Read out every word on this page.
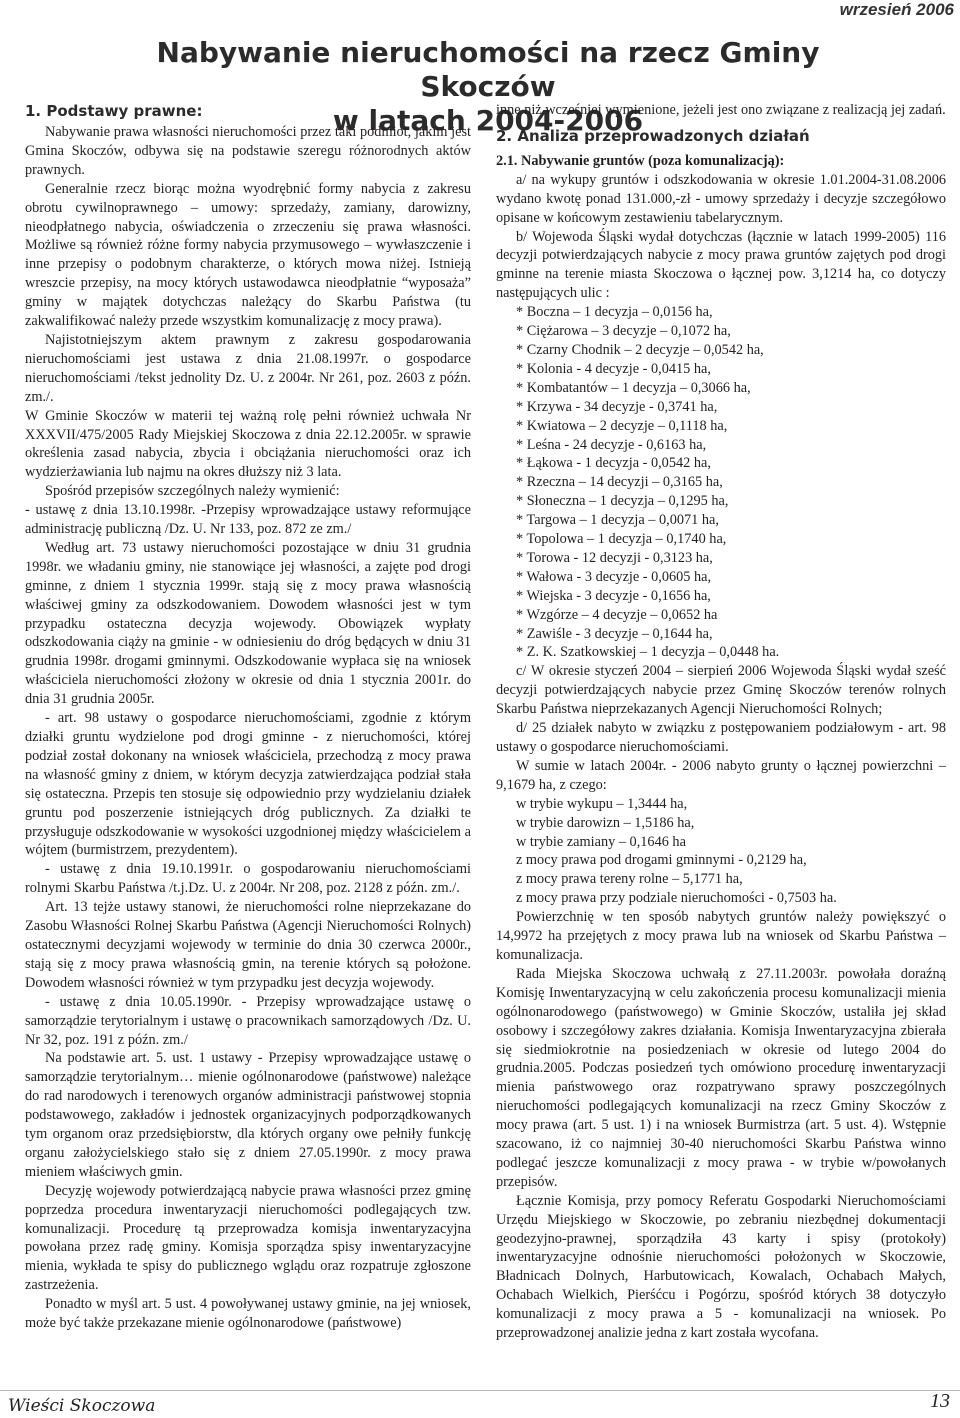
wrzesień 2006
Nabywanie nieruchomości na rzecz Gminy Skoczów
w latach 2004-2006
1. Podstawy prawne:

Nabywanie prawa własności nieruchomości przez taki podmiot, jakim jest Gmina Skoczów, odbywa się na podstawie szeregu różnorodnych aktów prawnych.

Generalnie rzecz biorąc można wyodrębnić formy nabycia z zakresu obrotu cywilnoprawnego – umowy: sprzedaży, zamiany, darowizny, nieodpłatnego nabycia, oświadczenia o zrzeczeniu się prawa własności. Możliwe są również różne formy nabycia przymusowego – wywłaszczenie i inne przepisy o podobnym charakterze, o których mowa niżej. Istnieją wreszcie przepisy, na mocy których ustawodawca nieodpłatnie “wyposaża” gminy w majątek dotychczas należący do Skarbu Państwa (tu zakwalifikować należy przede wszystkim komunalizację z mocy prawa).

Najistotniejszym aktem prawnym z zakresu gospodarowania nieruchomościami jest ustawa z dnia 21.08.1997r. o gospodarce nieruchomościami /tekst jednolity Dz. U. z 2004r. Nr 261, poz. 2603 z późn. zm./.

W Gminie Skoczów w materii tej ważną rolę pełni również uchwała Nr XXXVII/475/2005 Rady Miejskiej Skoczowa z dnia 22.12.2005r. w sprawie określenia zasad nabycia, zbycia i obciążania nieruchomości oraz ich wydzierżawiania lub najmu na okres dłuższy niż 3 lata.

Spośród przepisów szczególnych należy wymienić:

- ustawę z dnia 13.10.1998r. -Przepisy wprowadzające ustawy reformujące administrację publiczną /Dz. U. Nr 133, poz. 872 ze zm./

Według art. 73 ustawy nieruchomości pozostające w dniu 31 grudnia 1998r. we władaniu gminy, nie stanowiące jej własności, a zajęte pod drogi gminne, z dniem 1 stycznia 1999r. stają się z mocy prawa własnością właściwej gminy za odszkodowaniem. Dowodem własności jest w tym przypadku ostateczna decyzja wojewody. Obowiązek wypłaty odszkodowania ciąży na gminie - w odniesieniu do dróg będących w dniu 31 grudnia 1998r. drogami gminnymi. Odszkodowanie wypłaca się na wniosek właściciela nieruchomości złożony w okresie od dnia 1 stycznia 2001r. do dnia 31 grudnia 2005r.

- art. 98 ustawy o gospodarce nieruchomościami, zgodnie z którym działki gruntu wydzielone pod drogi gminne - z nieruchomości, której podział został dokonany na wniosek właściciela, przechodzą z mocy prawa na własność gminy z dniem, w którym decyzja zatwierdzająca podział stała się ostateczna. Przepis ten stosuje się odpowiednio przy wydzielaniu działek gruntu pod poszerzenie istniejących dróg publicznych. Za działki te przysługuje odszkodowanie w wysokości uzgodnionej między właścicielem a wójtem (burmistrzem, prezydentem).

- ustawę z dnia 19.10.1991r. o gospodarowaniu nieruchomościami rolnymi Skarbu Państwa /t.j.Dz. U. z 2004r. Nr 208, poz. 2128 z późn. zm./.

Art. 13 tejże ustawy stanowi, że nieruchomości rolne nieprzekazane do Zasobu Własności Rolnej Skarbu Państwa (Agencji Nieruchomości Rolnych) ostatecznymi decyzjami wojewody w terminie do dnia 30 czerwca 2000r., stają się z mocy prawa własnością gmin, na terenie których są położone. Dowodem własności również w tym przypadku jest decyzja wojewody.

- ustawę z dnia 10.05.1990r. - Przepisy wprowadzające ustawę o samorządzie terytorialnym i ustawę o pracownikach samorządowych /Dz. U. Nr 32, poz. 191 z późn. zm./

Na podstawie art. 5. ust. 1 ustawy - Przepisy wprowadzające ustawę o samorządzie terytorialnym… mienie ogólnonarodowe (państwowe) należące do rad narodowych i terenowych organów administracji państwowej stopnia podstawowego, zakładów i jednostek organizacyjnych podporządkowanych tym organom oraz przedsiębiorstw, dla których organy owe pełniły funkcję organu założycielskiego stało się z dniem 27.05.1990r. z mocy prawa mieniem właściwych gmin.

Decyzję wojewody potwierdzającą nabycie prawa własności przez gminę poprzedza procedura inwentaryzacji nieruchomości podlegających tzw. komunalizacji. Procedurę tą przeprowadza komisja inwentaryzacyjna powołana przez radę gminy. Komisja sporządza spisy inwentaryzacyjne mienia, wykłada te spisy do publicznego wglądu oraz rozpatruje zgłoszone zastrzeżenia.

Ponadto w myśl art. 5 ust. 4 powoływanej ustawy gminie, na jej wniosek, może być także przekazane mienie ogólnonarodowe (państwowe)

inne niż wcześniej wymienione, jeżeli jest ono związane z realizacją jej zadań.

2. Analiza przeprowadzonych działań
2.1. Nabywanie gruntów (poza komunalizacją):

a/ na wykupy gruntów i odszkodowania w okresie 1.01.2004-31.08.2006 wydano kwotę ponad 131.000,-zł - umowy sprzedaży i decyzje szczegółowo opisane w końcowym zestawieniu tabelarycznym.

b/ Wojewoda Śląski wydał dotychczas (łącznie w latach 1999-2005) 116 decyzji potwierdzających nabycie z mocy prawa gruntów zajętych pod drogi gminne na terenie miasta Skoczowa o łącznej pow. 3,1214 ha, co dotyczy następujących ulic :

* Boczna – 1 decyzja – 0,0156 ha,
* Ciężarowa – 3 decyzje – 0,1072 ha,
* Czarny Chodnik – 2 decyzje – 0,0542 ha,
* Kolonia - 4 decyzje - 0,0415 ha,
* Kombatantów – 1 decyzja – 0,3066 ha,
* Krzywa - 34 decyzje - 0,3741 ha,
* Kwiatowa – 2 decyzje – 0,1118 ha,
* Leśna - 24 decyzje - 0,6163 ha,
* Łąkowa - 1 decyzja - 0,0542 ha,
* Rzeczna – 14 decyzji – 0,3165 ha,
* Słoneczna – 1 decyzja – 0,1295 ha,
* Targowa – 1 decyzja – 0,0071 ha,
* Topolowa – 1 decyzja – 0,1740 ha,
* Torowa - 12 decyzji - 0,3123 ha,
* Wałowa - 3 decyzje - 0,0605 ha,
* Wiejska - 3 decyzje - 0,1656 ha,
* Wzgórze – 4 decyzje – 0,0652 ha
* Zawiśle - 3 decyzje – 0,1644 ha,
* Z. K. Szatkowskiej – 1 decyzja – 0,0448 ha.

c/ W okresie styczeń 2004 – sierpień 2006 Wojewoda Śląski wydał sześć decyzji potwierdzających nabycie przez Gminę Skoczów terenów rolnych Skarbu Państwa nieprzekazanych Agencji Nieruchomości Rolnych;

d/ 25 działek nabyto w związku z postępowaniem podziałowym - art. 98 ustawy o gospodarce nieruchomościami.

W sumie w latach 2004r. - 2006 nabyto grunty o łącznej powierzchni – 9,1679 ha, z czego:

w trybie wykupu – 1,3444 ha,
w trybie darowizn – 1,5186 ha,
w trybie zamiany – 0,1646 ha
z mocy prawa pod drogami gminnymi - 0,2129 ha,
z mocy prawa tereny rolne – 5,1771 ha,
z mocy prawa przy podziale nieruchomości - 0,7503 ha.

Powierzchnię w ten sposób nabytych gruntów należy powiększyć o 14,9972 ha przejętych z mocy prawa lub na wniosek od Skarbu Państwa – komunalizacja.

Rada Miejska Skoczowa uchwałą z 27.11.2003r. powołała doraźną Komisję Inwentaryzacyjną w celu zakończenia procesu komunalizacji mienia ogólnonarodowego (państwowego) w Gminie Skoczów, ustaliła jej skład osobowy i szczegółowy zakres działania. Komisja Inwentaryzacyjna zbierała się siedmiokrotnie na posiedzeniach w okresie od lutego 2004 do grudnia.2005. Podczas posiedzeń tych omówiono procedurę inwentaryzacji mienia państwowego oraz rozpatrywano sprawy poszczególnych nieruchomości podlegających komunalizacji na rzecz Gminy Skoczów z mocy prawa (art. 5 ust. 1) i na wniosek Burmistrza (art. 5 ust. 4). Wstępnie szacowano, iż co najmniej 30-40 nieruchomości Skarbu Państwa winno podlegać jeszcze komunalizacji z mocy prawa - w trybie w/powołanych przepisów.

Łącznie Komisja, przy pomocy Referatu Gospodarki Nieruchomościami Urzędu Miejskiego w Skoczowie, po zebraniu niezbędnej dokumentacji geodezyjno-prawnej, sporządziła 43 karty i spisy (protokoły) inwentaryzacyjne odnośnie nieruchomości położonych w Skoczowie, Bładnicach Dolnych, Harbutowicach, Kowalach, Ochabach Małych, Ochabach Wielkich, Pierśćcu i Pogórzu, spośród których 38 dotyczyło komunalizacji z mocy prawa a 5 - komunalizacji na wniosek. Po przeprowadzonej analizie jedna z kart została wycofana.

Wieści Skoczowa	13
